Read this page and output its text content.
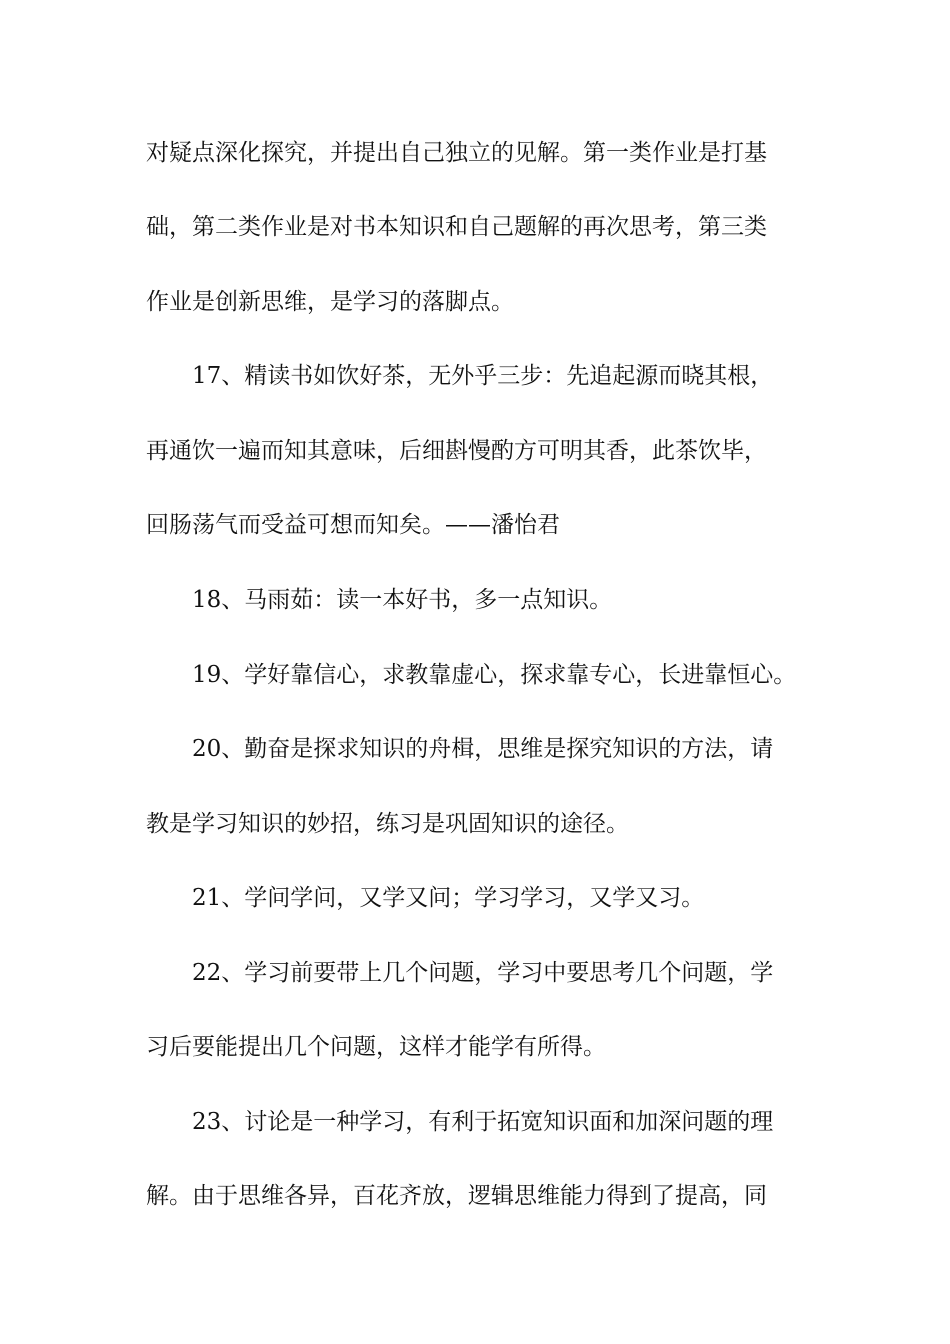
对疑点深化探究，并提出自己独立的见解。第一类作业是打基
础，第二类作业是对书本知识和自己题解的再次思考，第三类
作业是创新思维，是学习的落脚点。
17、精读书如饮好茶，无外乎三步：先追起源而晓其根，
再通饮一遍而知其意味，后细斟慢酌方可明其香，此茶饮毕，
回肠荡气而受益可想而知矣。——潘怡君
18、马雨茹：读一本好书，多一点知识。
19、学好靠信心，求教靠虚心，探求靠专心，长进靠恒心。
20、勤奋是探求知识的舟楫，思维是探究知识的方法，请
教是学习知识的妙招，练习是巩固知识的途径。
21、学问学问，又学又问；学习学习，又学又习。
22、学习前要带上几个问题，学习中要思考几个问题，学
习后要能提出几个问题，这样才能学有所得。
23、讨论是一种学习，有利于拓宽知识面和加深问题的理
解。由于思维各异，百花齐放，逻辑思维能力得到了提高，同
